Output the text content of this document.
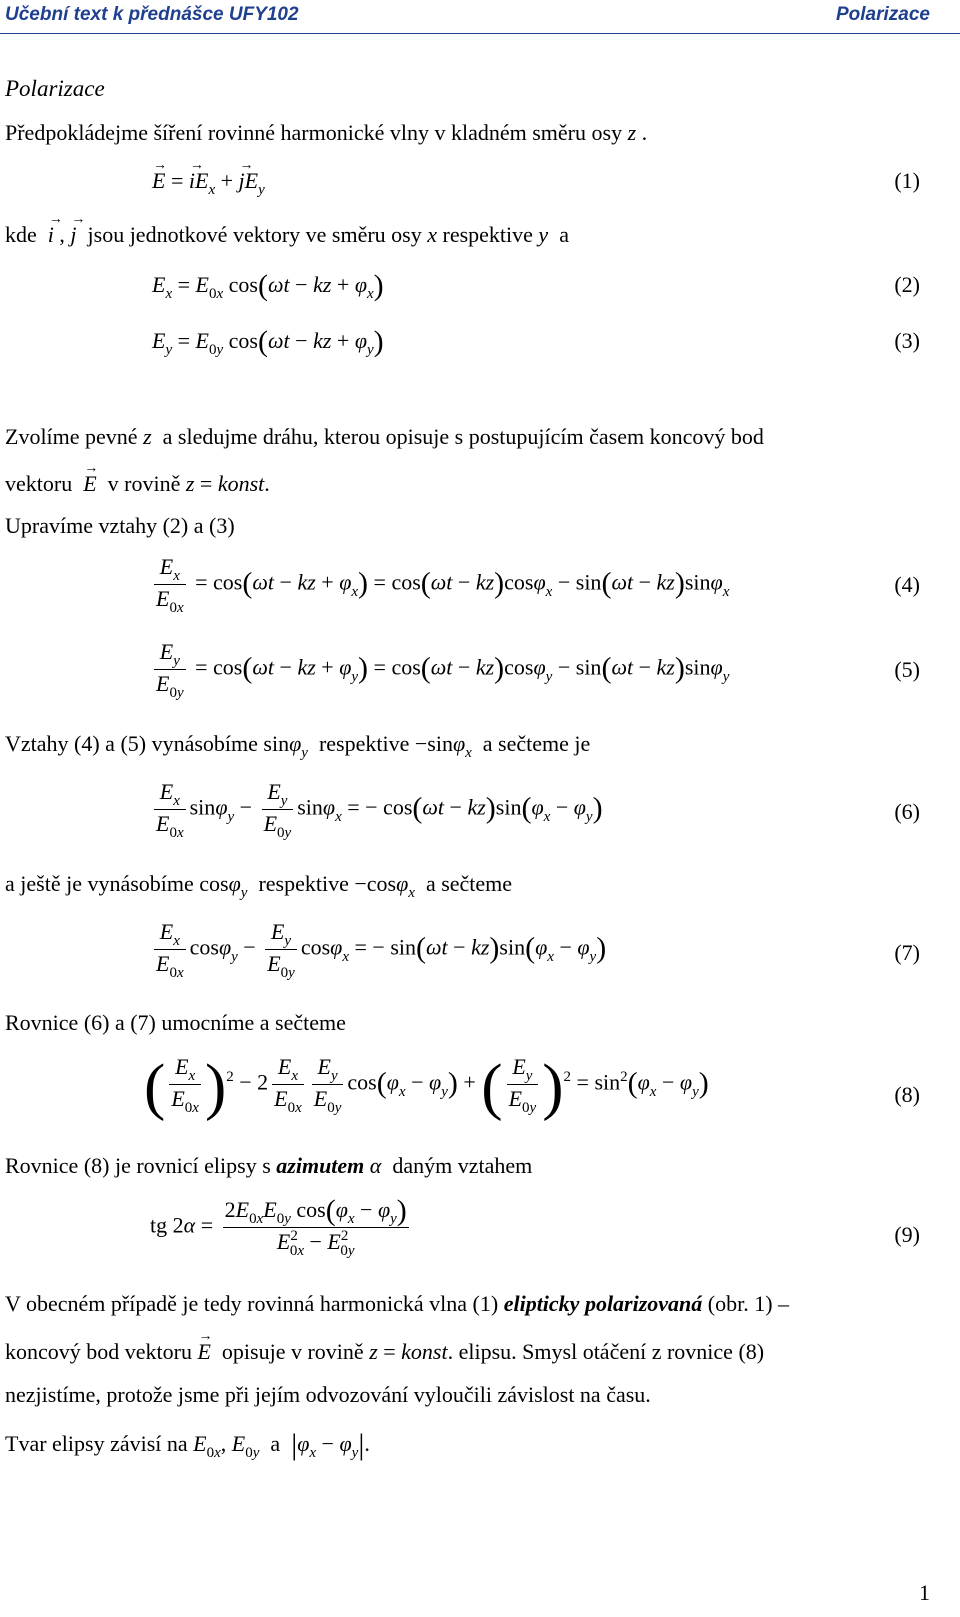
Učební text k přednášce UFY102	Polarizace
Polarizace
Předpokládejme šíření rovinné harmonické vlny v kladném směru osy z .
→ E = → $iE_x$ + → $jE_y$	(1)
kde → i , → j jsou jednotkové vektory ve směru osy x respektive y a
$E_x = E_{0x}$ cos(ωt − kz + $\varphi_x$)	(2)
$E_y = E_{0y}$ cos(ωt − kz + $\varphi_y$)	(3)
Zvolíme pevné z a sledujme dráhu, kterou opisuje s postupujícím časem koncový bod
vektoru → E v rovině z = konst.
Upravíme vztahy (2) a (3)
$\frac{E_x}{E_{0x}} = \cos(\omega t$ − kz + $\varphi_x) = \cos(\omega t - kz)\cos\varphi_x - \sin(\omega t - kz)\sin\varphi_x$	(4)
$\frac{E_y}{E_{0y}} = \cos(\omega t$ − kz + $\varphi_y) = \cos(\omega t - kz)\cos\varphi_y - \sin(\omega t - kz)\sin\varphi_y$	(5)
Vztahy (4) a (5) vynásobíme sinφ$_y$ respektive −sinφ$_x$ a sečteme je
$\frac{E_x}{E_{0x}} \sin\varphi_y - \frac{E_y}{E_{0y}} \sin\varphi_x$ = − $\cos(\omega t - kz)\sin(\varphi_x - \varphi_y)$	(6)
a ještě je vynásobíme cosφ$_y$ respektive −cosφ$_x$ a sečteme
$\frac{E_x}{E_{0x}} \cos\varphi_y - \frac{E_y}{E_{0y}} \cos\varphi_x$ = − $\sin(\omega t - kz)\sin(\varphi_x - \varphi_y)$	(7)
Rovnice (6) a (7) umocníme a sečteme
( $\frac{E_x}{E_{0x}} )^2 - 2 \frac{E_x}{E_{0x}} \frac{E_y}{E_{0y}} \cos(\varphi_x - \varphi_y)$ + ( $\frac{E_y}{E_{0y}} )^2 = \sin^2(\varphi_x - \varphi_y)$	(8)
Rovnice (8) je rovnicí elipsy s azimutem α daným vztahem
tg $2\alpha = \frac{2E_{0x}E_{0y} \cos(\varphi_x - \varphi_y)}{E^2_{0x} - E^2_{0y}}$	(9)
V obecném případě je tedy rovinná harmonická vlna (1) elipticky polarizovaná (obr. 1) –
koncový bod vektoru → E opisuje v rovině z = konst. elipsu. Smysl otáčení z rovnice (8)
nezjistíme, protože jsme při jejím odvozování vyloučili závislost na času.
Tvar elipsy závisí na $E_{0x}$, $E_{0y}$ a $|\varphi_x - \varphi_y|$.
1
